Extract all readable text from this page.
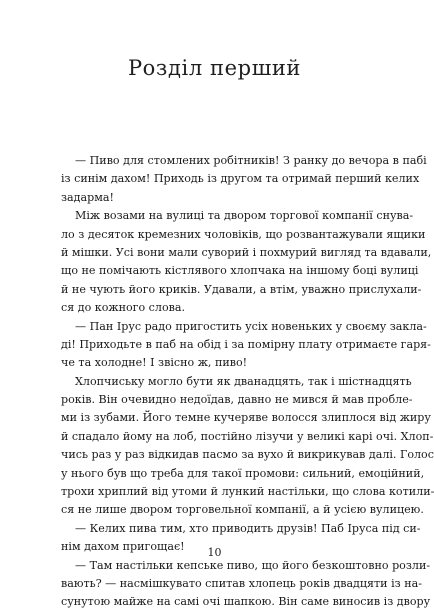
Розділ перший
— Пиво для стомлених робітників! З ранку до вечора в пабі
із синім дахом! Приходь із другом та отримай перший келих
задарма!
Між возами на вулиці та двором торгової компанії снува-
ло з десяток кремезних чоловіків, що розвантажували ящики
й мішки. Усі вони мали суворий і похмурий вигляд та вдавали,
що не помічають кістлявого хлопчака на іншому боці вулиці
й не чують його криків. Удавали, а втім, уважно прислухали-
ся до кожного слова.
— Пан Ірус радо пригостить усіх новеньких у своєму закла-
ді! Приходьте в паб на обід і за помірну плату отримаєте гаря-
че та холодне! І звісно ж, пиво!
Хлопчиську могло бути як дванадцять, так і шістнадцять
років. Він очевидно недоїдав, давно не мився й мав пробле-
ми із зубами. Його темне кучеряве волосся злиплося від жиру
й спадало йому на лоб, постійно лізучи у великі карі очі. Хлоп-
чись раз у раз відкидав пасмо за вухо й викрикував далі. Голос
у нього був що треба для такої промови: сильний, емоційний,
трохи хриплий від утоми й лункий настільки, що слова котили-
ся не лише двором торговельної компанії, а й усією вулицею.
— Келих пива тим, хто приводить друзів! Паб Іруса під си-
нім дахом пригощає!
— Там настільки кепське пиво, що його безкоштовно розли-
вають? — насмішкувато спитав хлопець років двадцяти із на-
сунутою майже на самі очі шапкою. Він саме виносив із двору
10
